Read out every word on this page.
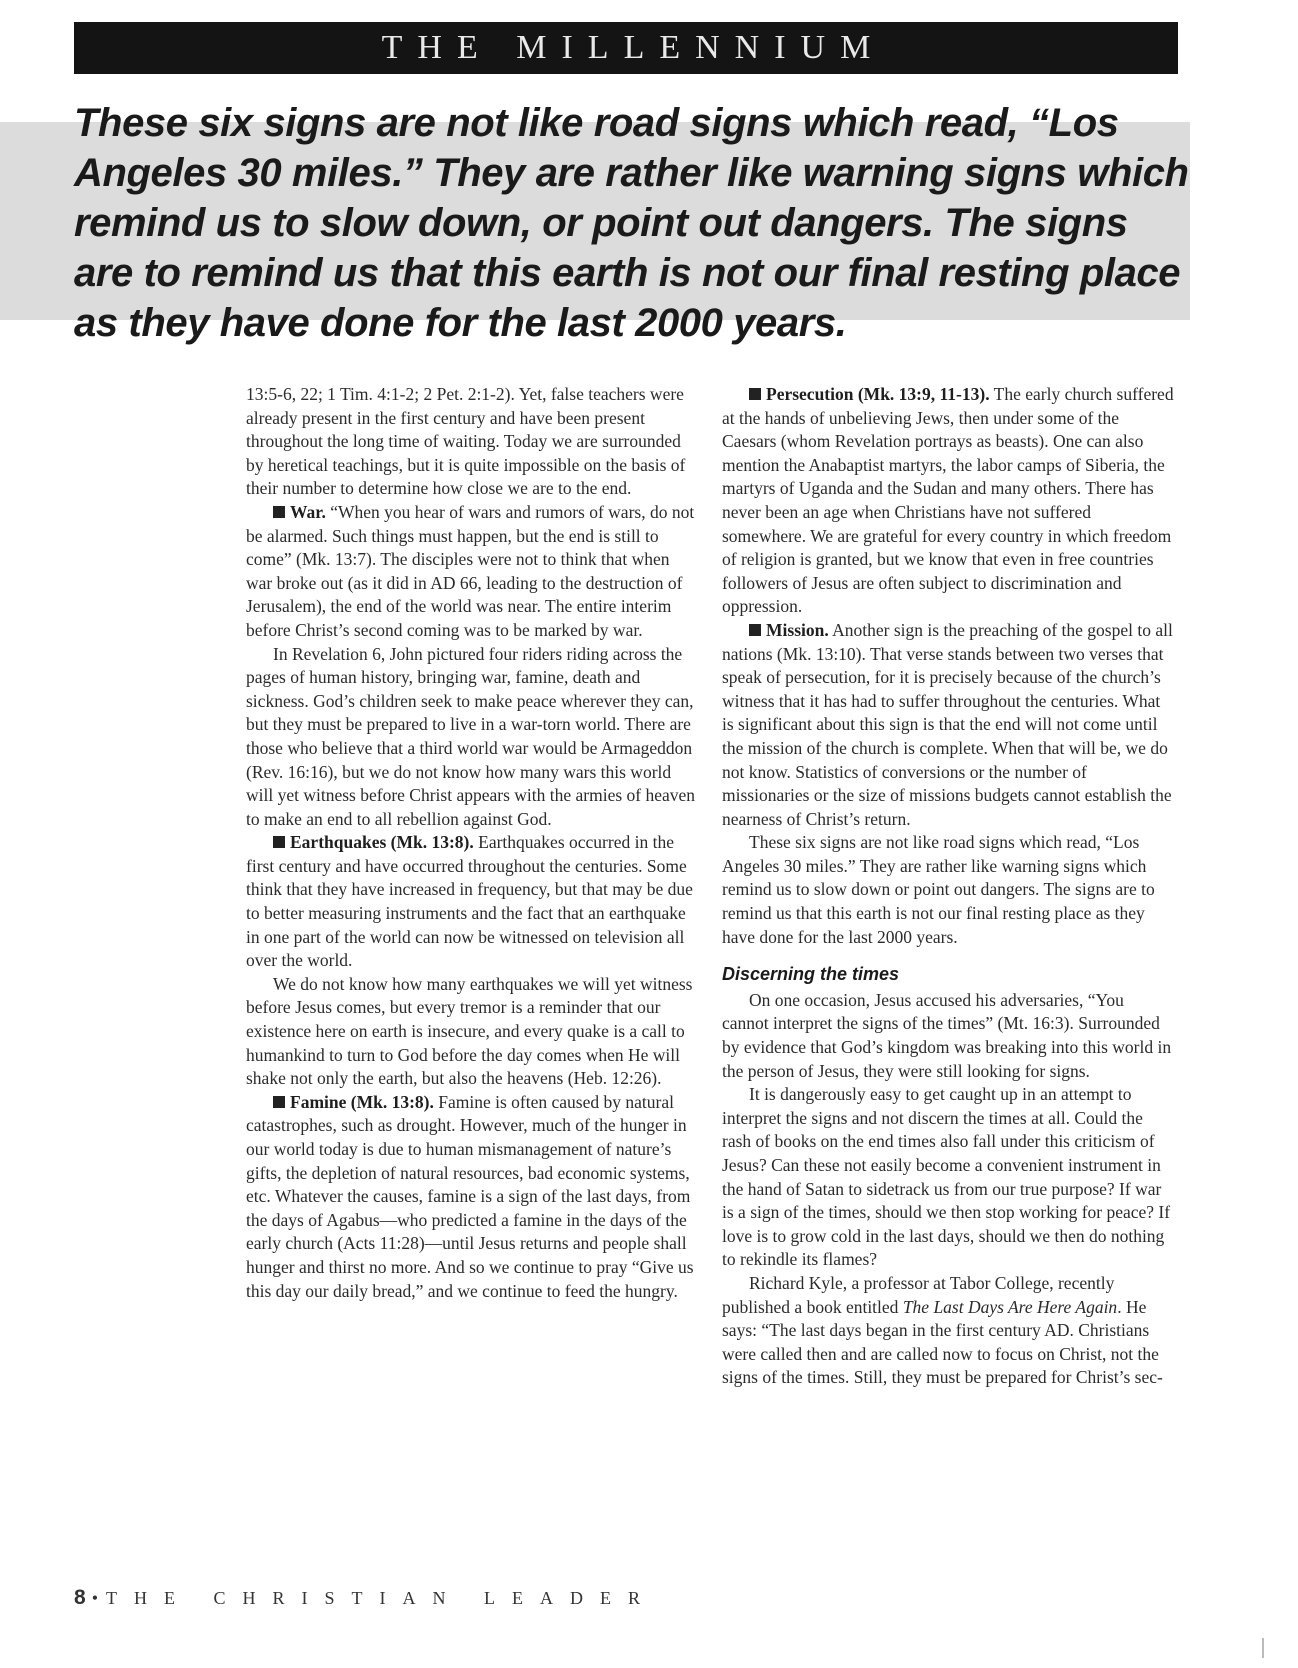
THE MILLENNIUM

These six signs are not like road signs which read, “Los Angeles 30 miles.” They are rather like warning signs which remind us to slow down, or point out dangers. The signs are to remind us that this earth is not our final resting place as they have done for the last 2000 years.

13:5-6, 22; 1 Tim. 4:1-2; 2 Pet. 2:1-2). Yet, false teachers were already present in the first century and have been present throughout the long time of waiting. Today we are surrounded by heretical teachings, but it is quite impossible on the basis of their number to determine how close we are to the end.

War. “When you hear of wars and rumors of wars, do not be alarmed. Such things must happen, but the end is still to come” (Mk. 13:7). The disciples were not to think that when war broke out (as it did in AD 66, leading to the destruction of Jerusalem), the end of the world was near. The entire interim before Christ’s second coming was to be marked by war.

In Revelation 6, John pictured four riders riding across the pages of human history, bringing war, famine, death and sickness. God’s children seek to make peace wherever they can, but they must be prepared to live in a war-torn world. There are those who believe that a third world war would be Armageddon (Rev. 16:16), but we do not know how many wars this world will yet witness before Christ appears with the armies of heaven to make an end to all rebellion against God.

Earthquakes (Mk. 13:8). Earthquakes occurred in the first century and have occurred throughout the centuries. Some think that they have increased in frequency, but that may be due to better measuring instruments and the fact that an earthquake in one part of the world can now be witnessed on television all over the world.

We do not know how many earthquakes we will yet witness before Jesus comes, but every tremor is a reminder that our existence here on earth is insecure, and every quake is a call to humankind to turn to God before the day comes when He will shake not only the earth, but also the heavens (Heb. 12:26).

Famine (Mk. 13:8). Famine is often caused by natural catastrophes, such as drought. However, much of the hunger in our world today is due to human mismanagement of nature’s gifts, the depletion of natural resources, bad economic systems, etc. Whatever the causes, famine is a sign of the last days, from the days of Agabus—who predicted a famine in the days of the early church (Acts 11:28)—until Jesus returns and people shall hunger and thirst no more. And so we continue to pray “Give us this day our daily bread,” and we continue to feed the hungry.

Persecution (Mk. 13:9, 11-13). The early church suffered at the hands of unbelieving Jews, then under some of the Caesars (whom Revelation portrays as beasts). One can also mention the Anabaptist martyrs, the labor camps of Siberia, the martyrs of Uganda and the Sudan and many others. There has never been an age when Christians have not suffered somewhere. We are grateful for every country in which freedom of religion is granted, but we know that even in free countries followers of Jesus are often subject to discrimination and oppression.

Mission. Another sign is the preaching of the gospel to all nations (Mk. 13:10). That verse stands between two verses that speak of persecution, for it is precisely because of the church’s witness that it has had to suffer throughout the centuries. What is significant about this sign is that the end will not come until the mission of the church is complete. When that will be, we do not know. Statistics of conversions or the number of missionaries or the size of missions budgets cannot establish the nearness of Christ’s return.

These six signs are not like road signs which read, “Los Angeles 30 miles.” They are rather like warning signs which remind us to slow down or point out dangers. The signs are to remind us that this earth is not our final resting place as they have done for the last 2000 years.

Discerning the times

On one occasion, Jesus accused his adversaries, “You cannot interpret the signs of the times” (Mt. 16:3). Surrounded by evidence that God’s kingdom was breaking into this world in the person of Jesus, they were still looking for signs.

It is dangerously easy to get caught up in an attempt to interpret the signs and not discern the times at all. Could the rash of books on the end times also fall under this criticism of Jesus? Can these not easily become a convenient instrument in the hand of Satan to sidetrack us from our true purpose? If war is a sign of the times, should we then stop working for peace? If love is to grow cold in the last days, should we then do nothing to rekindle its flames?

Richard Kyle, a professor at Tabor College, recently published a book entitled The Last Days Are Here Again. He says: “The last days began in the first century AD. Christians were called then and are called now to focus on Christ, not the signs of the times. Still, they must be prepared for Christ’s sec-

8 • THE CHRISTIAN LEADER
